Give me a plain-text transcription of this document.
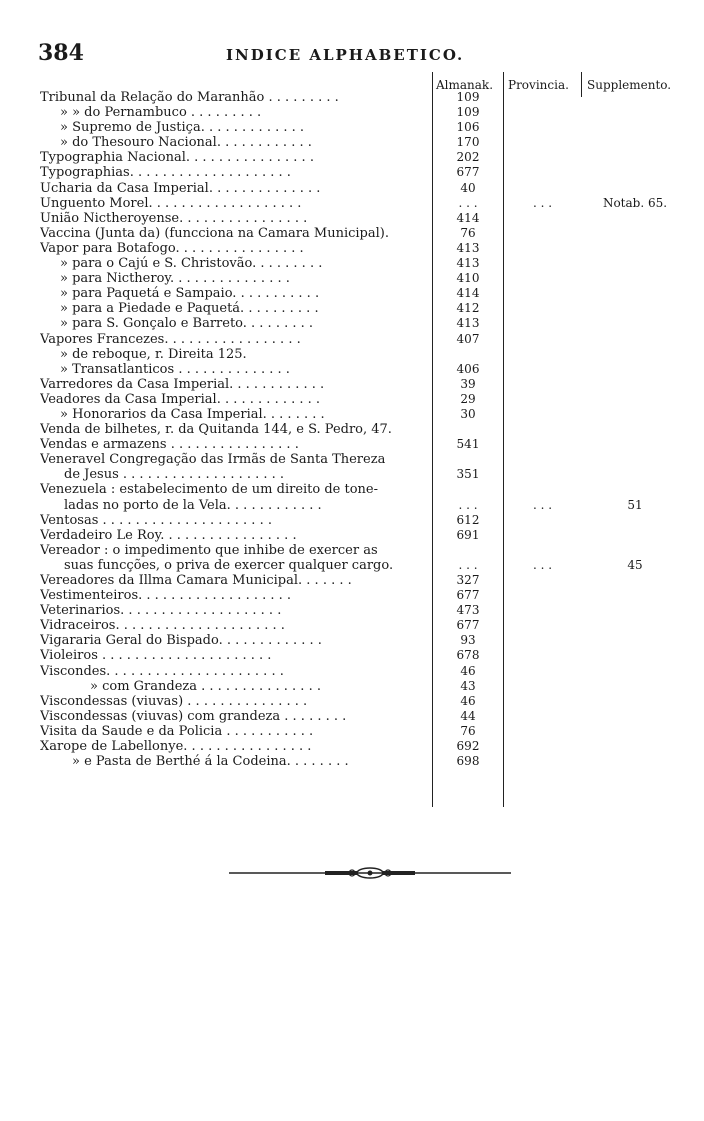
384	INDICE ALPHABETICO.
Almanak. Provincia. Supplemento.
Tribunal da Relação do Maranhão . . . . . . . . .	109
» » do Pernambuco . . . . . . . . .	109
» Supremo de Justiça. . . . . . . . . . . . .	106
» do Thesouro Nacional. . . . . . . . . . . .	170
Typographia Nacional. . . . . . . . . . . . . . . .	202
Typographias. . . . . . . . . . . . . . . . . . . .	677
Ucharia da Casa Imperial. . . . . . . . . . . . . .	40
Unguento Morel. . . . . . . . . . . . . . . . . . .	. . .	. . .	Notab. 65.
União Nictheroyense. . . . . . . . . . . . . . . .	414
Vaccina (Junta da) (funcciona na Camara Municipal).	76
Vapor para Botafogo. . . . . . . . . . . . . . . .	413
» para o Cajú e S. Christovão. . . . . . . . .	413
» para Nictheroy. . . . . . . . . . . . . . .	410
» para Paquetá e Sampaio. . . . . . . . . . .	414
» para a Piedade e Paquetá. . . . . . . . . .	412
» para S. Gonçalo e Barreto. . . . . . . . .	413
Vapores Francezes. . . . . . . . . . . . . . . . .	407
» de reboque, r. Direita 125.
» Transatlanticos . . . . . . . . . . . . . .	406
Varredores da Casa Imperial. . . . . . . . . . . .	39
Veadores da Casa Imperial. . . . . . . . . . . . .	29
» Honorarios da Casa Imperial. . . . . . . .	30
Venda de bilhetes, r. da Quitanda 144, e S. Pedro, 47.
Vendas e armazens . . . . . . . . . . . . . . . .	541
Veneravel Congregação das Irmãs de Santa Thereza
de Jesus . . . . . . . . . . . . . . . . . . . .	351
Venezuela : estabelecimento de um direito de tone-
ladas no porto de la Vela. . . . . . . . . . . .	. . .	. . .	51
Ventosas . . . . . . . . . . . . . . . . . . . . .	612
Verdadeiro Le Roy. . . . . . . . . . . . . . . . .	691
Vereador : o impedimento que inhibe de exercer as
suas funcções, o priva de exercer qualquer cargo.	. . .	. . .	45
Vereadores da Illma Camara Municipal. . . . . . .	327
Vestimenteiros. . . . . . . . . . . . . . . . . . .	677
Veterinarios. . . . . . . . . . . . . . . . . . . .	473
Vidraceiros. . . . . . . . . . . . . . . . . . . . .	677
Vigararia Geral do Bispado. . . . . . . . . . . . .	93
Violeiros . . . . . . . . . . . . . . . . . . . . .	678
Viscondes. . . . . . . . . . . . . . . . . . . . . .	46
» com Grandeza . . . . . . . . . . . . . . .	43
Viscondessas (viuvas) . . . . . . . . . . . . . . .	46
Viscondessas (viuvas) com grandeza . . . . . . . .	44
Visita da Saude e da Policia . . . . . . . . . . .	76
Xarope de Labellonye. . . . . . . . . . . . . . . .	692
» e Pasta de Berthé á la Codeina. . . . . . . .	698
